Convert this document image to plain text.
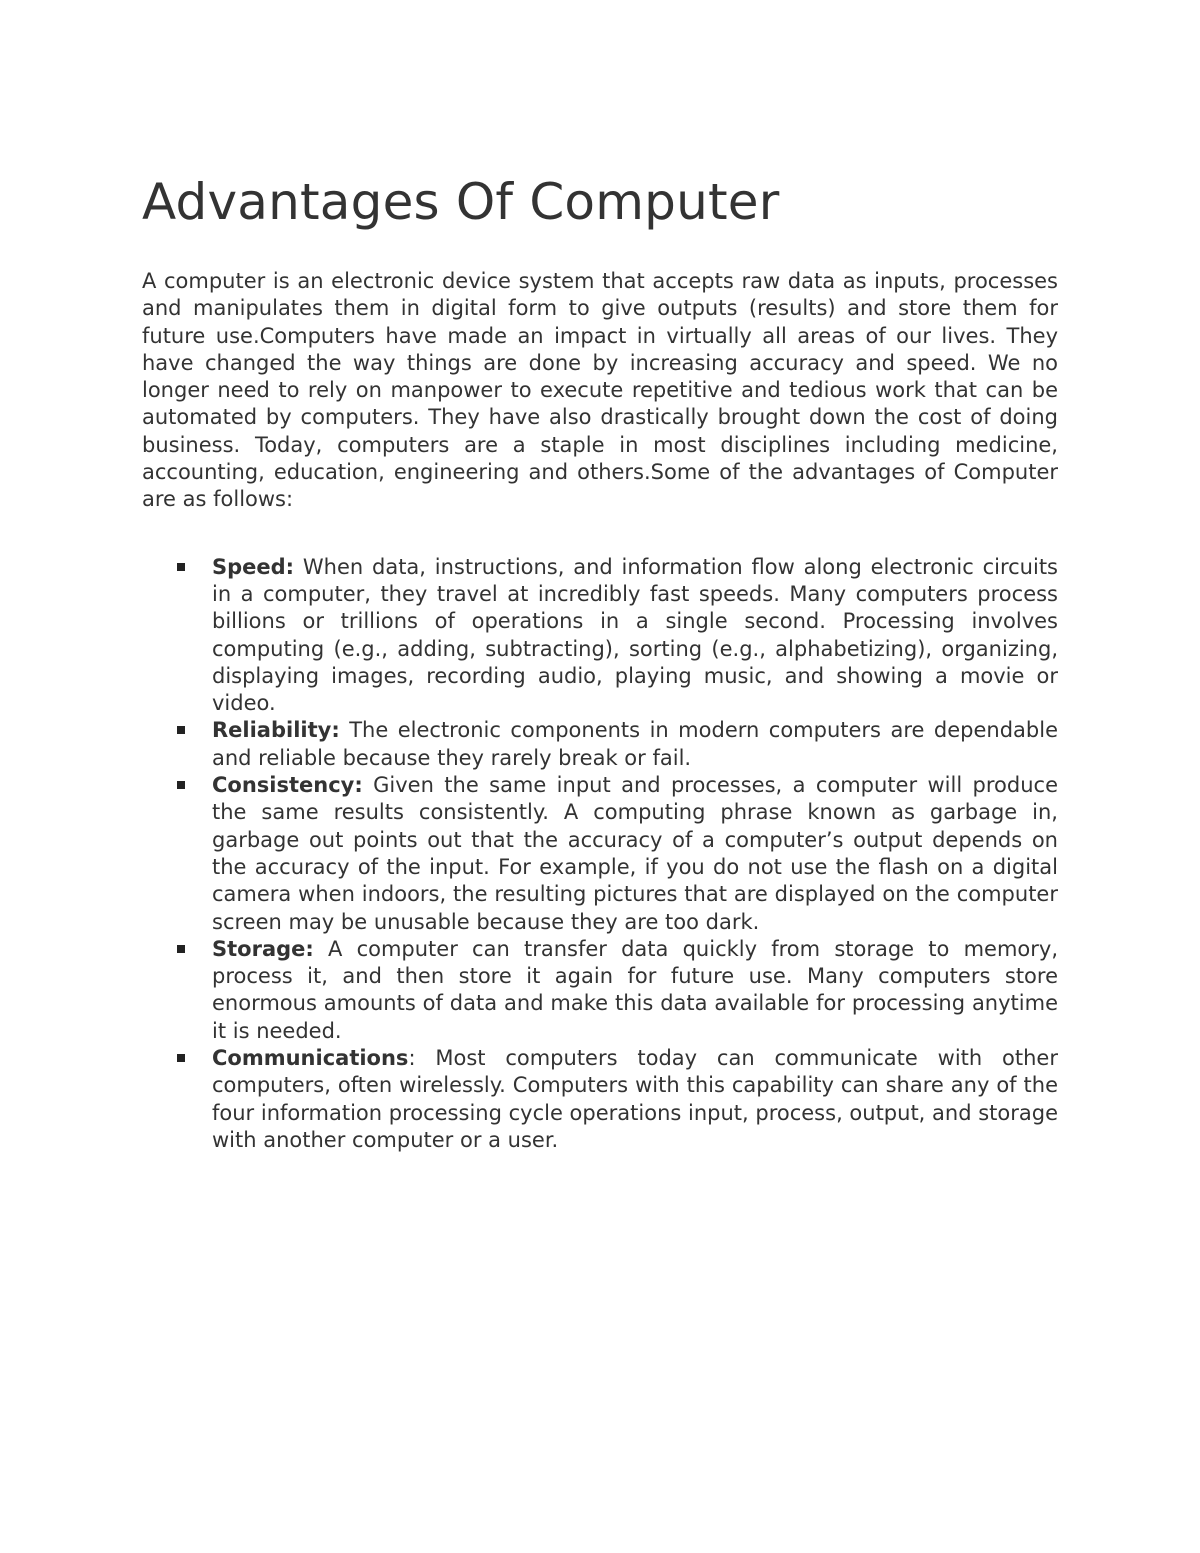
Advantages Of Computer

A computer is an electronic device system that accepts raw data as inputs, processes and manipulates them in digital form to give outputs (results) and store them for future use.Computers have made an impact in virtually all areas of our lives. They have changed the way things are done by increasing accuracy and speed. We no longer need to rely on manpower to execute repetitive and tedious work that can be automated by computers. They have also drastically brought down the cost of doing business. Today, computers are a staple in most disciplines including medicine, accounting, education, engineering and others.Some of the advantages of Computer are as follows:

Speed: When data, instructions, and information flow along electronic circuits in a computer, they travel at incredibly fast speeds. Many computers process billions or trillions of operations in a single second. Processing involves computing (e.g., adding, subtracting), sorting (e.g., alphabetizing), organizing, displaying images, recording audio, playing music, and showing a movie or video.
Reliability: The electronic components in modern computers are dependable and reliable because they rarely break or fail.
Consistency: Given the same input and processes, a computer will produce the same results consistently. A computing phrase known as garbage in, garbage out points out that the accuracy of a computer’s output depends on the accuracy of the input. For example, if you do not use the flash on a digital camera when indoors, the resulting pictures that are displayed on the computer screen may be unusable because they are too dark.
Storage: A computer can transfer data quickly from storage to memory, process it, and then store it again for future use. Many computers store enormous amounts of data and make this data available for processing anytime it is needed.
Communications: Most computers today can communicate with other computers, often wirelessly. Computers with this capability can share any of the four information processing cycle operations input, process, output, and storage with another computer or a user.
